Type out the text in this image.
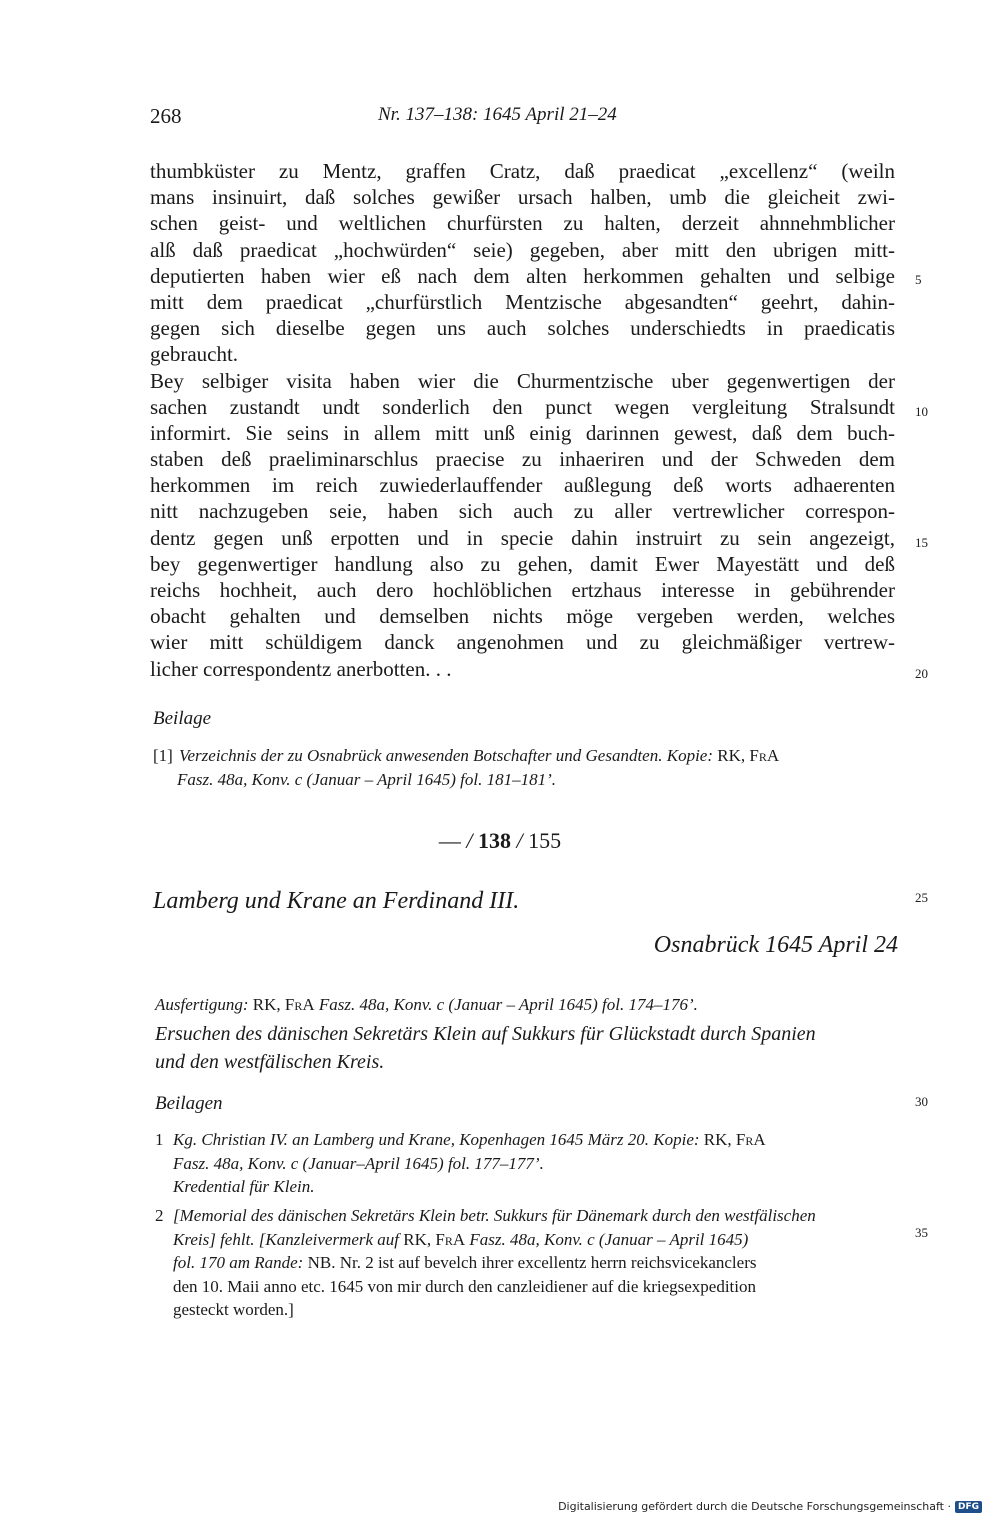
268	Nr. 137–138: 1645 April 21–24
thumbküster zu Mentz, graffen Cratz, daß praedicat „excellenz“ (weiln
mans insinuirt, daß solches gewißer ursach halben, umb die gleicheit zwi-
schen geist- und weltlichen churfürsten zu halten, derzeit ahnnehmblicher
alß daß praedicat „hochwürden“ seie) gegeben, aber mitt den ubrigen mitt-
deputierten haben wier eß nach dem alten herkommen gehalten und selbige
mitt dem praedicat „churfürstlich Mentzische abgesandten“ geehrt, dahin-
gegen sich dieselbe gegen uns auch solches underschiedts in praedicatis
gebraucht.
Bey selbiger visita haben wier die Churmentzische uber gegenwertigen der
sachen zustandt undt sonderlich den punct wegen vergleitung Stralsundt
informirt. Sie seins in allem mitt unß einig darinnen gewest, daß dem buch-
staben deß praeliminarschlus praecise zu inhaeriren und der Schweden dem
herkommen im reich zuwiederlauffender außlegung deß worts adhaerenten
nitt nachzugeben seie, haben sich auch zu aller vertrewlicher correspon-
dentz gegen unß erpotten und in specie dahin instruirt zu sein angezeigt,
bey gegenwertiger handlung also zu gehen, damit Ewer Mayestätt und deß
reichs hochheit, auch dero hochlöblichen ertzhaus interesse in gebührender
obacht gehalten und demselben nichts möge vergeben werden, welches
wier mitt schüldigem danck angenohmen und zu gleichmäßiger vertrew-
licher correspondentz anerbotten. . .
5
10
15
20
25
30
35
Beilage
[1] Verzeichnis der zu Osnabrück anwesenden Botschafter und Gesandten. Kopie: RK, FrA
Fasz. 48a, Konv. c (Januar – April 1645) fol. 181–181’.
— / 138 / 155
Lamberg und Krane an Ferdinand III.
Osnabrück 1645 April 24
Ausfertigung: RK, FrA Fasz. 48a, Konv. c (Januar – April 1645) fol. 174–176’.
Ersuchen des dänischen Sekretärs Klein auf Sukkurs für Glückstadt durch Spanien
und den westfälischen Kreis.
Beilagen
1 Kg. Christian IV. an Lamberg und Krane, Kopenhagen 1645 März 20. Kopie: RK, FrA
Fasz. 48a, Konv. c (Januar–April 1645) fol. 177–177’.
Kredential für Klein.
2 [Memorial des dänischen Sekretärs Klein betr. Sukkurs für Dänemark durch den westfälischen
Kreis] fehlt. [Kanzleivermerk auf RK, FrA Fasz. 48a, Konv. c (Januar – April 1645)
fol. 170 am Rande: NB. Nr. 2 ist auf bevelch ihrer excellentz herrn reichsvicekanclers
den 10. Maii anno etc. 1645 von mir durch den canzleidiener auf die kriegsexpedition
gesteckt worden.]
Digitalisierung gefördert durch die Deutsche Forschungsgemeinschaft · DFG
